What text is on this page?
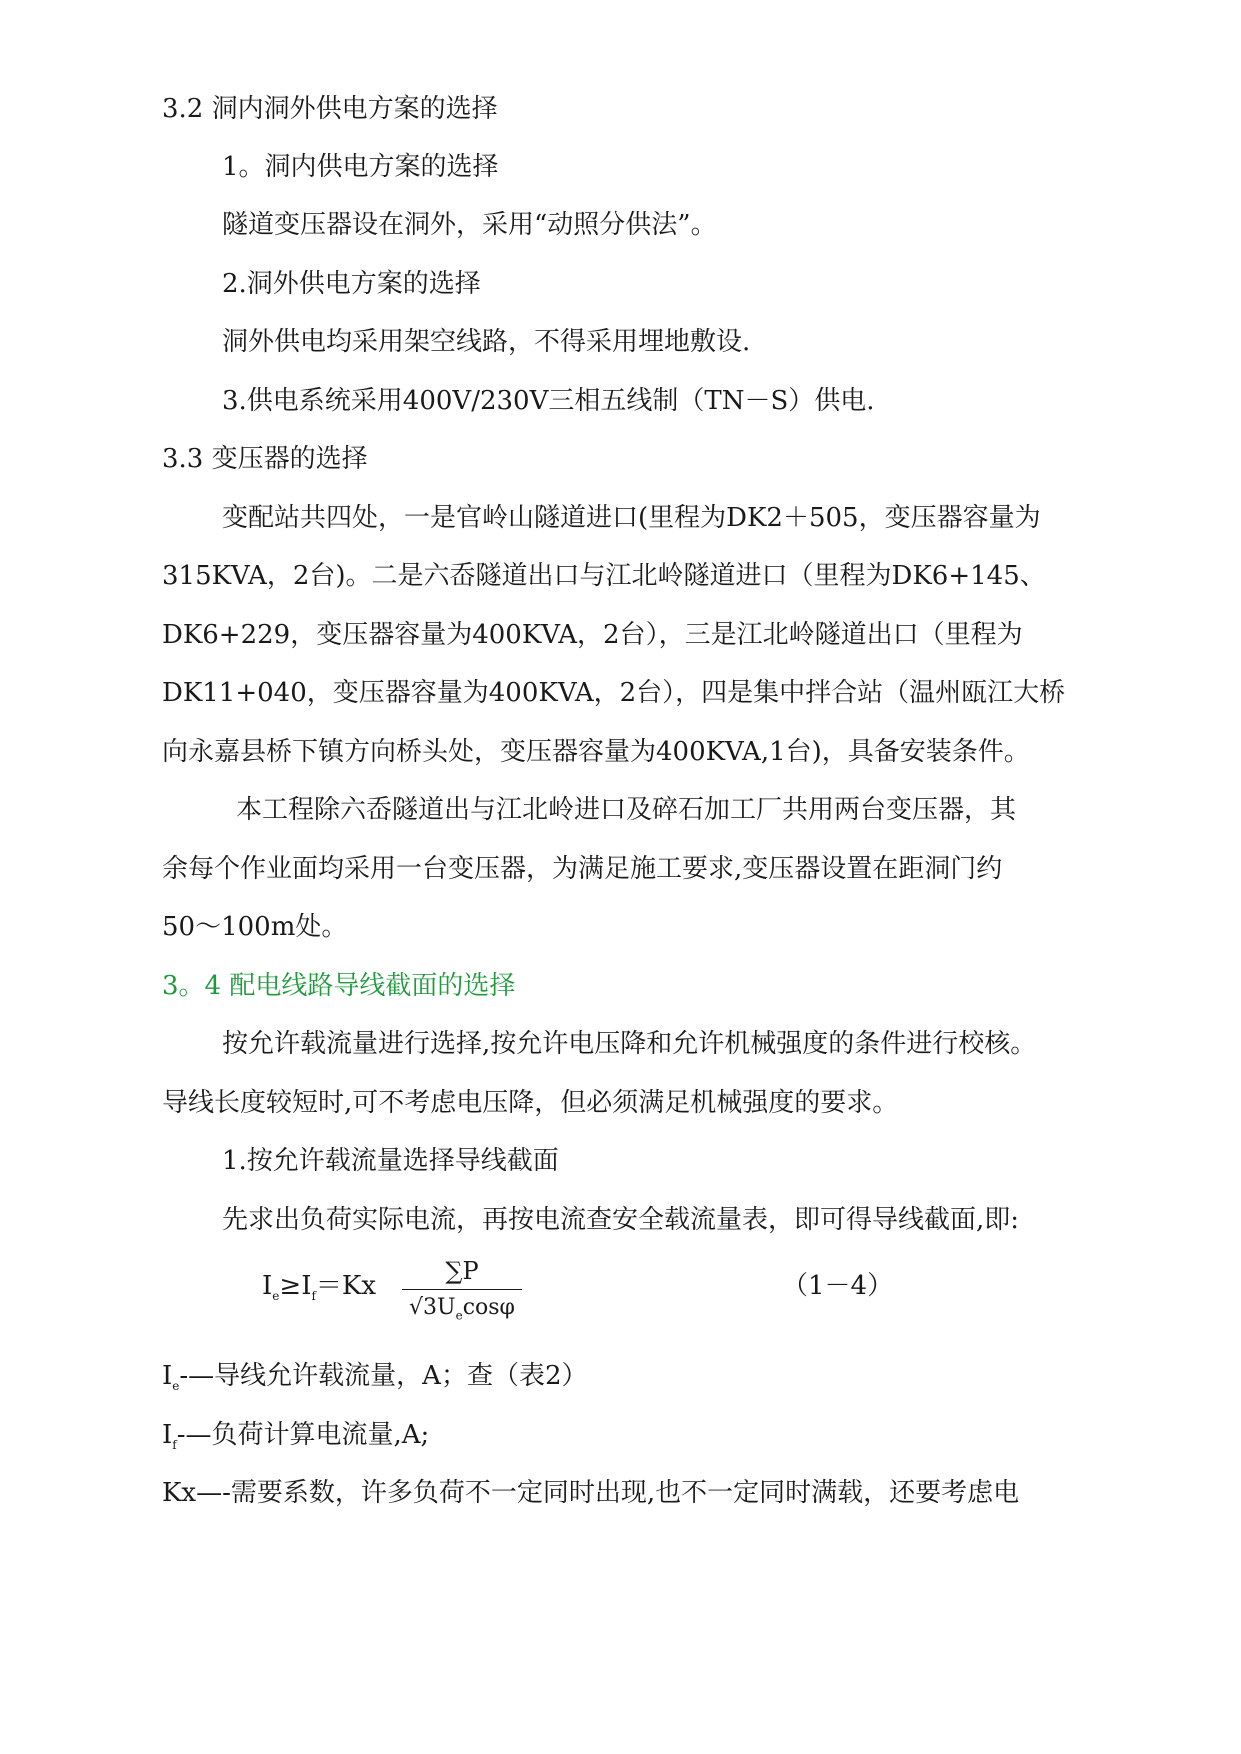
3.2 洞内洞外供电方案的选择
1。洞内供电方案的选择
隧道变压器设在洞外，采用“动照分供法”。
2.洞外供电方案的选择
洞外供电均采用架空线路，不得采用埋地敷设.
3.供电系统采用400V/230V三相五线制（TN－S）供电.
3.3 变压器的选择
变配站共四处，一是官岭山隧道进口(里程为DK2＋505，变压器容量为
315KVA，2台)。二是六岙隧道出口与江北岭隧道进口（里程为DK6+145、
DK6+229，变压器容量为400KVA，2台），三是江北岭隧道出口（里程为
DK11+040，变压器容量为400KVA，2台），四是集中拌合站（温州瓯江大桥
向永嘉县桥下镇方向桥头处，变压器容量为400KVA,1台)，具备安装条件。
本工程除六岙隧道出与江北岭进口及碎石加工厂共用两台变压器，其
余每个作业面均采用一台变压器，为满足施工要求,变压器设置在距洞门约
50～100m处。
3。4 配电线路导线截面的选择
按允许载流量进行选择,按允许电压降和允许机械强度的条件进行校核。
导线长度较短时,可不考虑电压降，但必须满足机械强度的要求。
1.按允许载流量选择导线截面
先求出负荷实际电流，再按电流查安全载流量表，即可得导线截面,即:
$I_e\ge I_f=Kx$	∑P
$√3U_e\cos\varphi$
（1－4）
$I_e-—$导线允许载流量，A；查（表2）
$I_f-—$负荷计算电流量,A;
Kx—-需要系数，许多负荷不一定同时出现,也不一定同时满载，还要考虑电
